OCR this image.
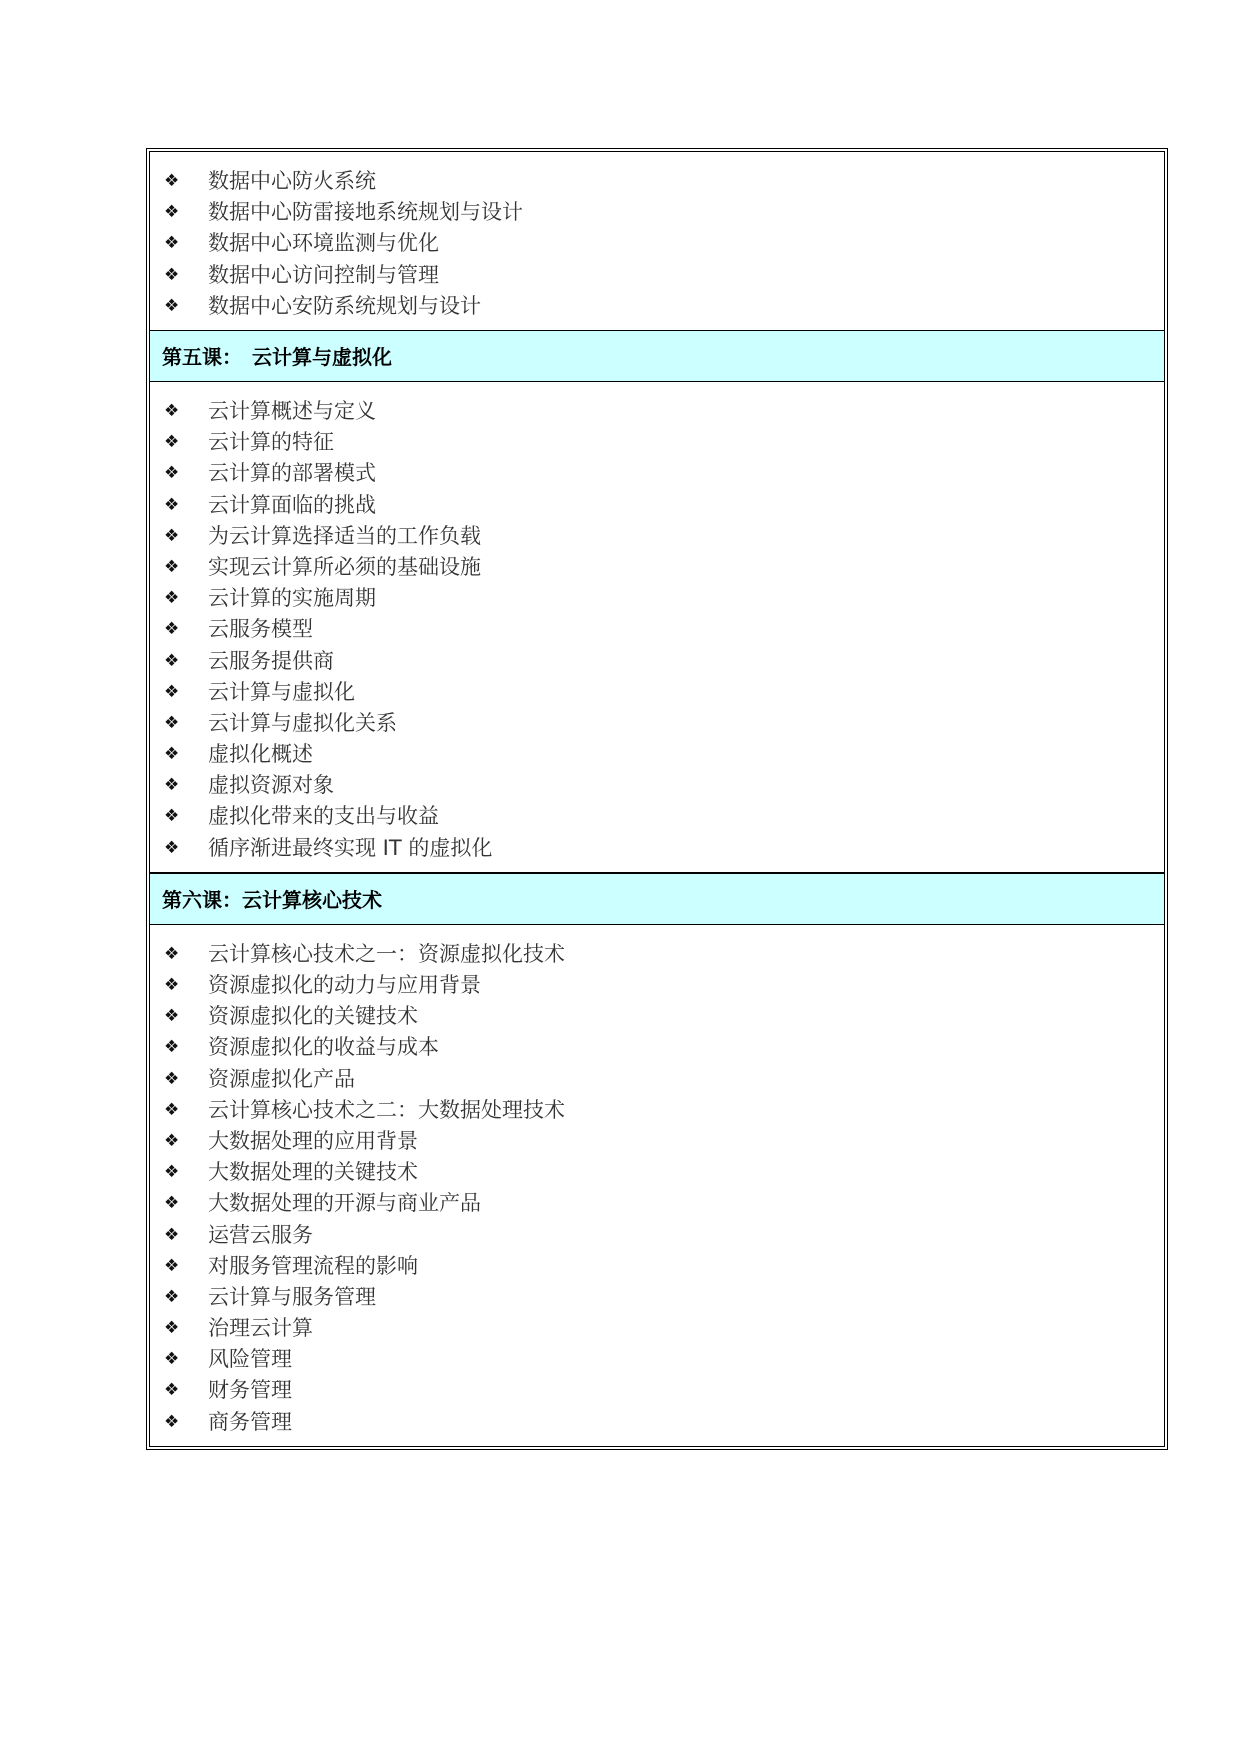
❖	数据中心防火系统
❖	数据中心防雷接地系统规划与设计
❖	数据中心环境监测与优化
❖	数据中心访问控制与管理
❖	数据中心安防系统规划与设计
第五课：　云计算与虚拟化
❖	云计算概述与定义
❖	云计算的特征
❖	云计算的部署模式
❖	云计算面临的挑战
❖	为云计算选择适当的工作负载
❖	实现云计算所必须的基础设施
❖	云计算的实施周期
❖	云服务模型
❖	云服务提供商
❖	云计算与虚拟化
❖	云计算与虚拟化关系
❖	虚拟化概述
❖	虚拟资源对象
❖	虚拟化带来的支出与收益
❖	循序渐进最终实现 IT 的虚拟化
第六课：云计算核心技术
❖	云计算核心技术之一：资源虚拟化技术
❖	资源虚拟化的动力与应用背景
❖	资源虚拟化的关键技术
❖	资源虚拟化的收益与成本
❖	资源虚拟化产品
❖	云计算核心技术之二：大数据处理技术
❖	大数据处理的应用背景
❖	大数据处理的关键技术
❖	大数据处理的开源与商业产品
❖	运营云服务
❖	对服务管理流程的影响
❖	云计算与服务管理
❖	治理云计算
❖	风险管理
❖	财务管理
❖	商务管理
